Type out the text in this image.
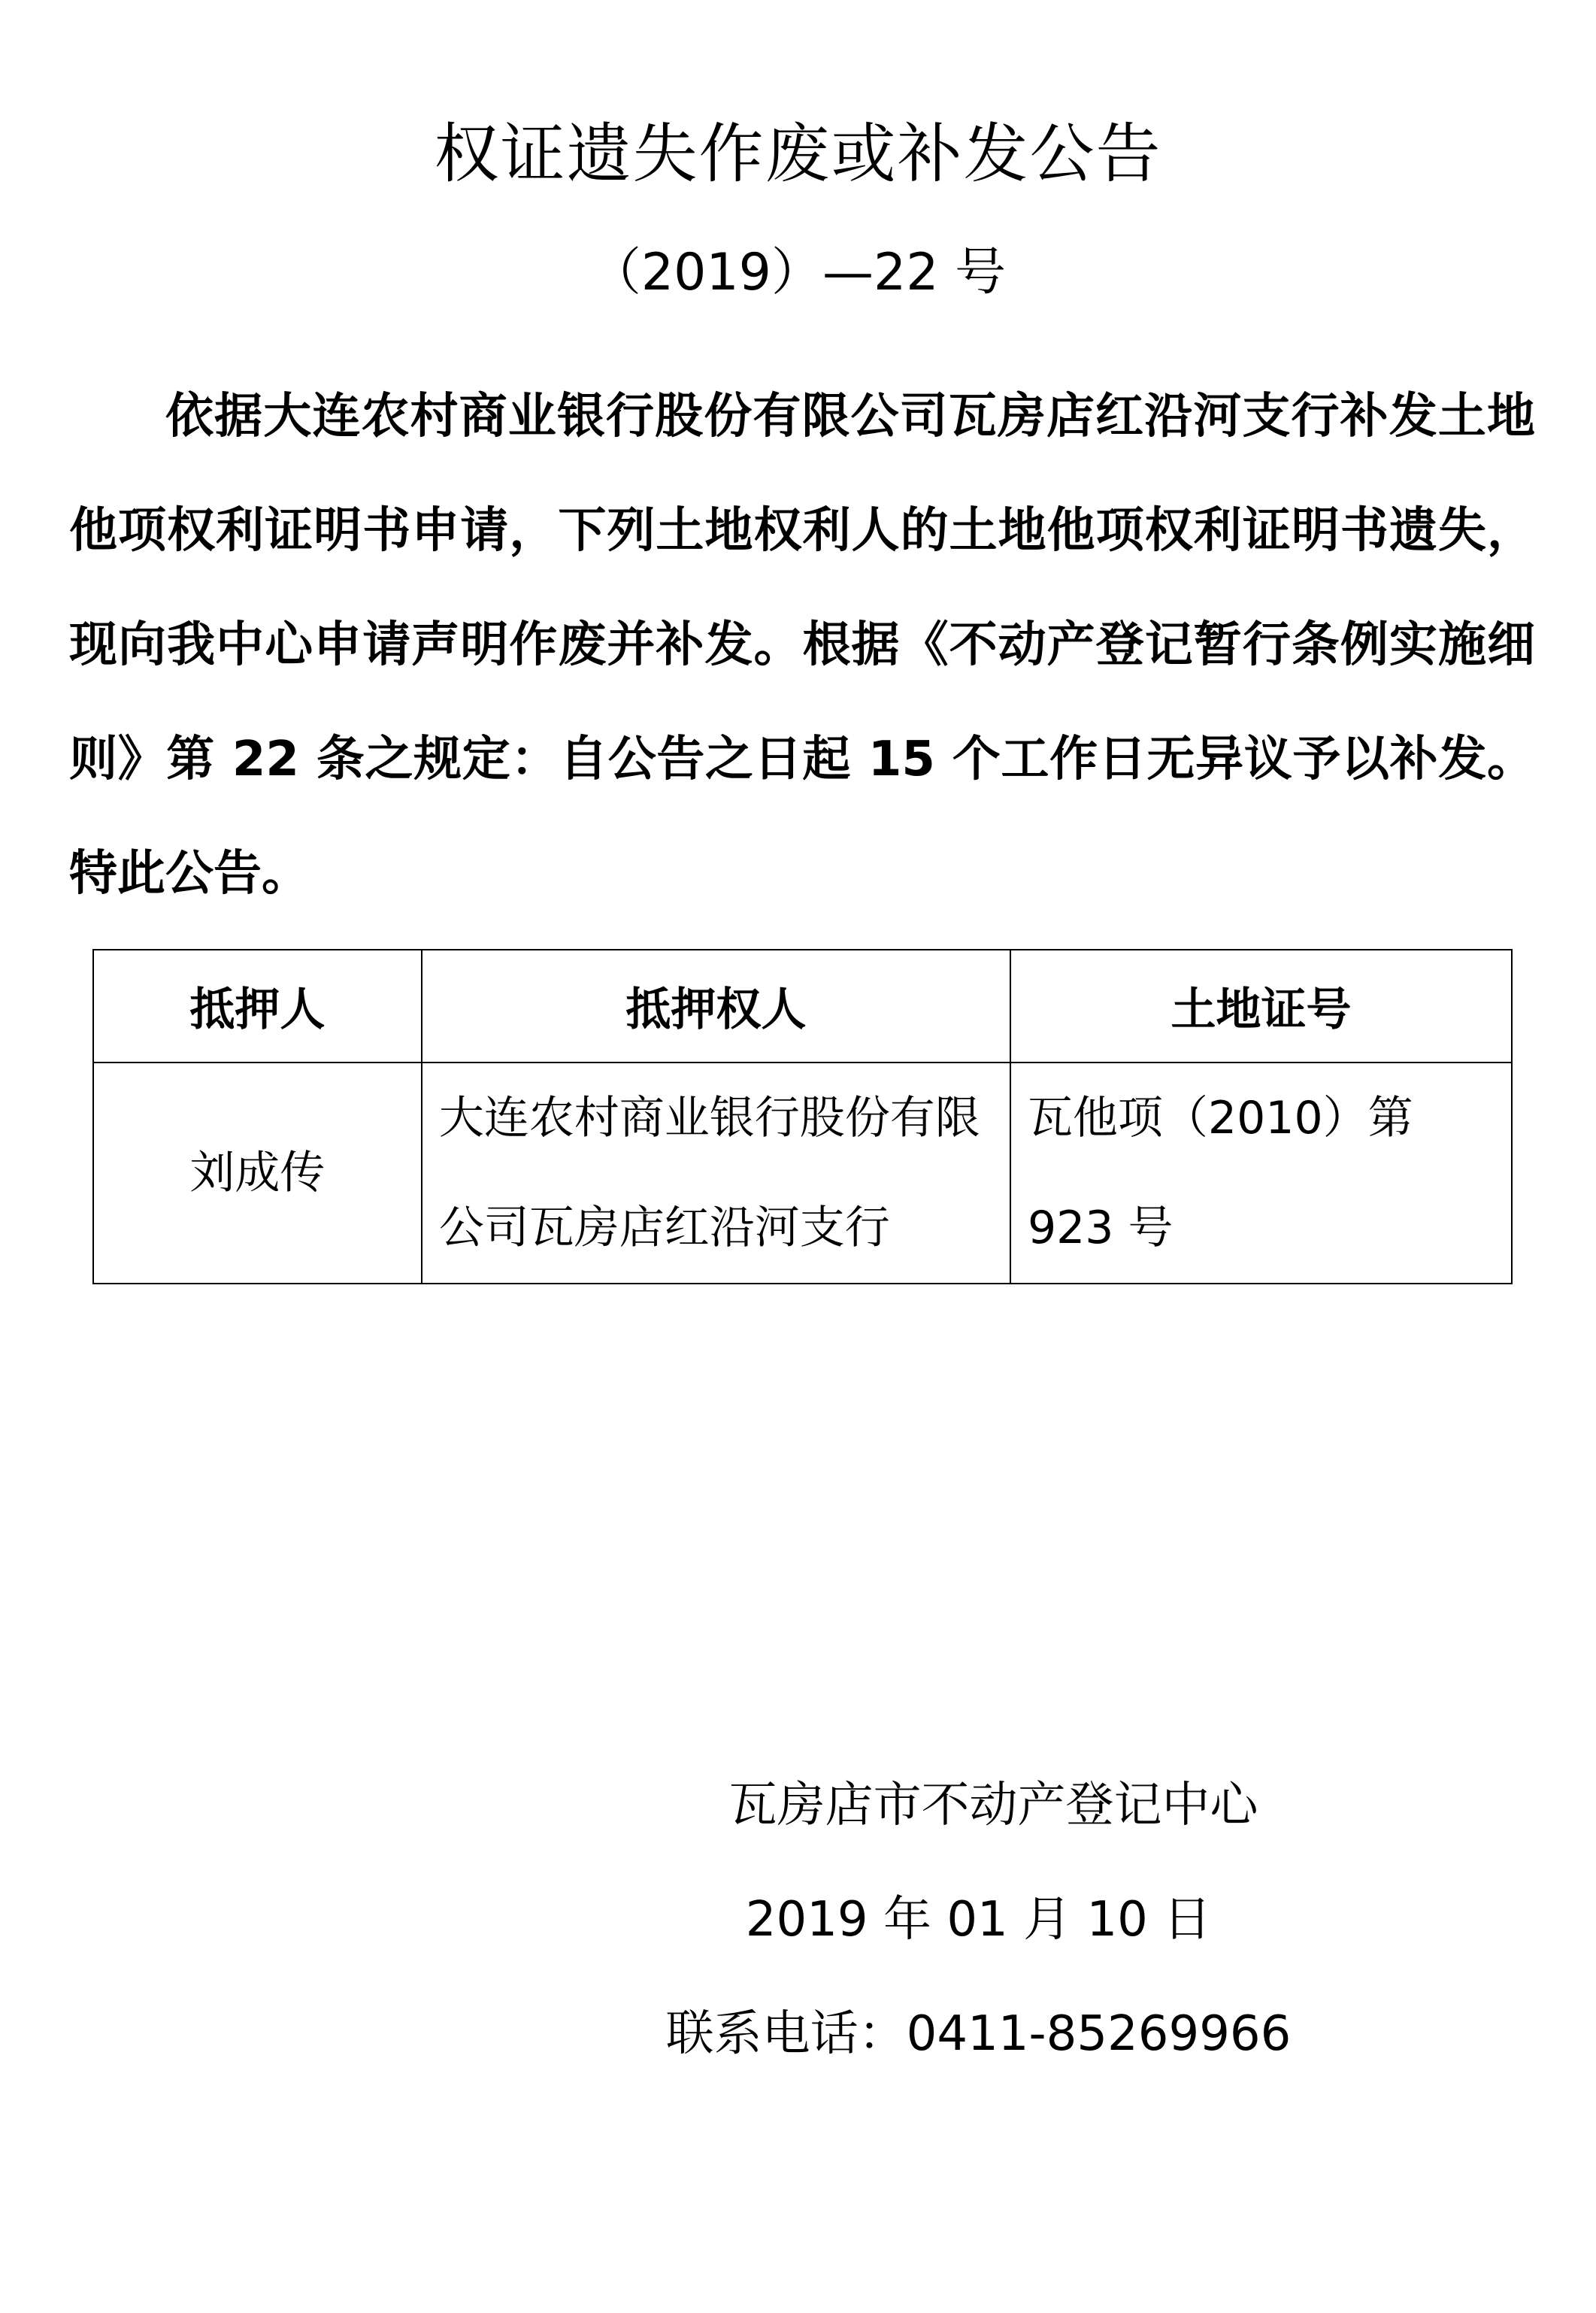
权证遗失作废或补发公告

（2019）—22 号

依据大连农村商业银行股份有限公司瓦房店红沿河支行补发土地他项权利证明书申请，下列土地权利人的土地他项权利证明书遗失，现向我中心申请声明作废并补发。根据《不动产登记暂行条例实施细则》第 22 条之规定：自公告之日起 15 个工作日无异议予以补发。特此公告。

抵押人	抵押权人	土地证号
刘成传	大连农村商业银行股份有限公司瓦房店红沿河支行	瓦他项（2010）第 923 号

瓦房店市不动产登记中心

2019 年 01 月 10 日

联系电话：0411-85269966
